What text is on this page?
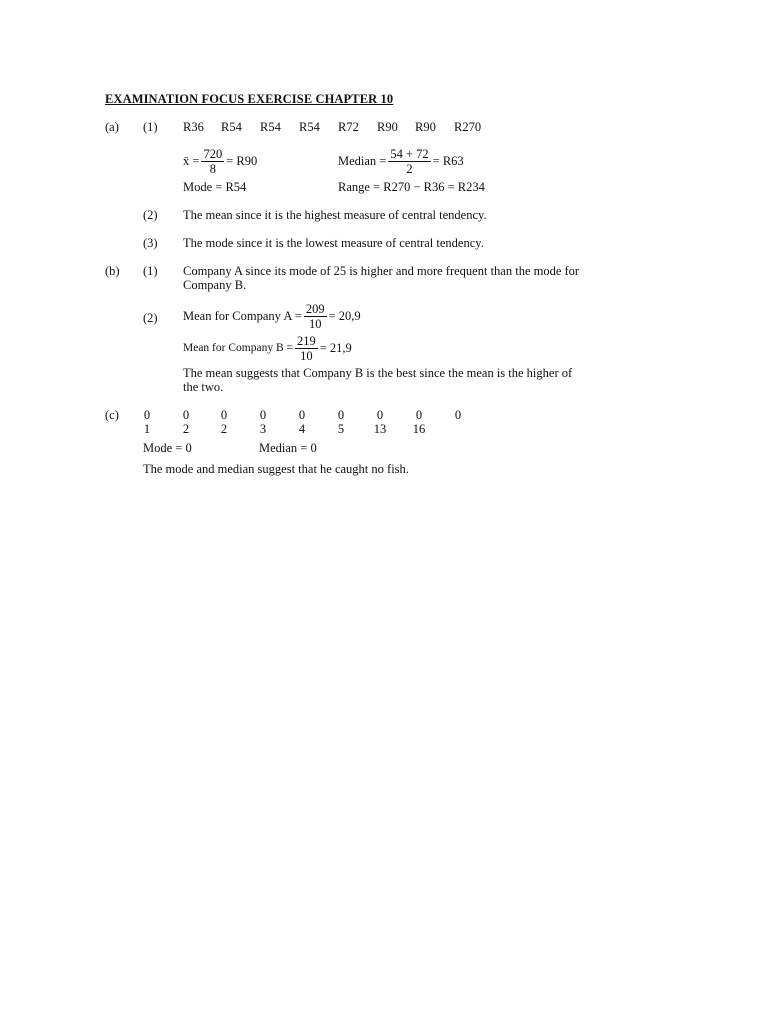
EXAMINATION FOCUS EXERCISE CHAPTER 10
(a) (1) R36 R54 R54 R54 R72 R90 R90 R270
x̄ = $\frac{720}{8} = R90$	Median = $\frac{54 + 72}{2} = R63$
Mode = R54	Range = R270 − R36 = R234
(2) The mean since it is the highest measure of central tendency.
(3) The mode since it is the lowest measure of central tendency.
(b) (1) Company A since its mode of 25 is higher and more frequent than the mode for Company B.
(2) Mean for Company $A = \frac{209}{10} = 20,9$
Mean for Company $B = \frac{219}{10} = 21,9$
The mean suggests that Company B is the best since the mean is the higher of the two.
(c)	0	0	0	0	0	0	0	0	0
1	2	2	3	4	5	13	16
Mode = 0	Median = 0
The mode and median suggest that he caught no fish.
